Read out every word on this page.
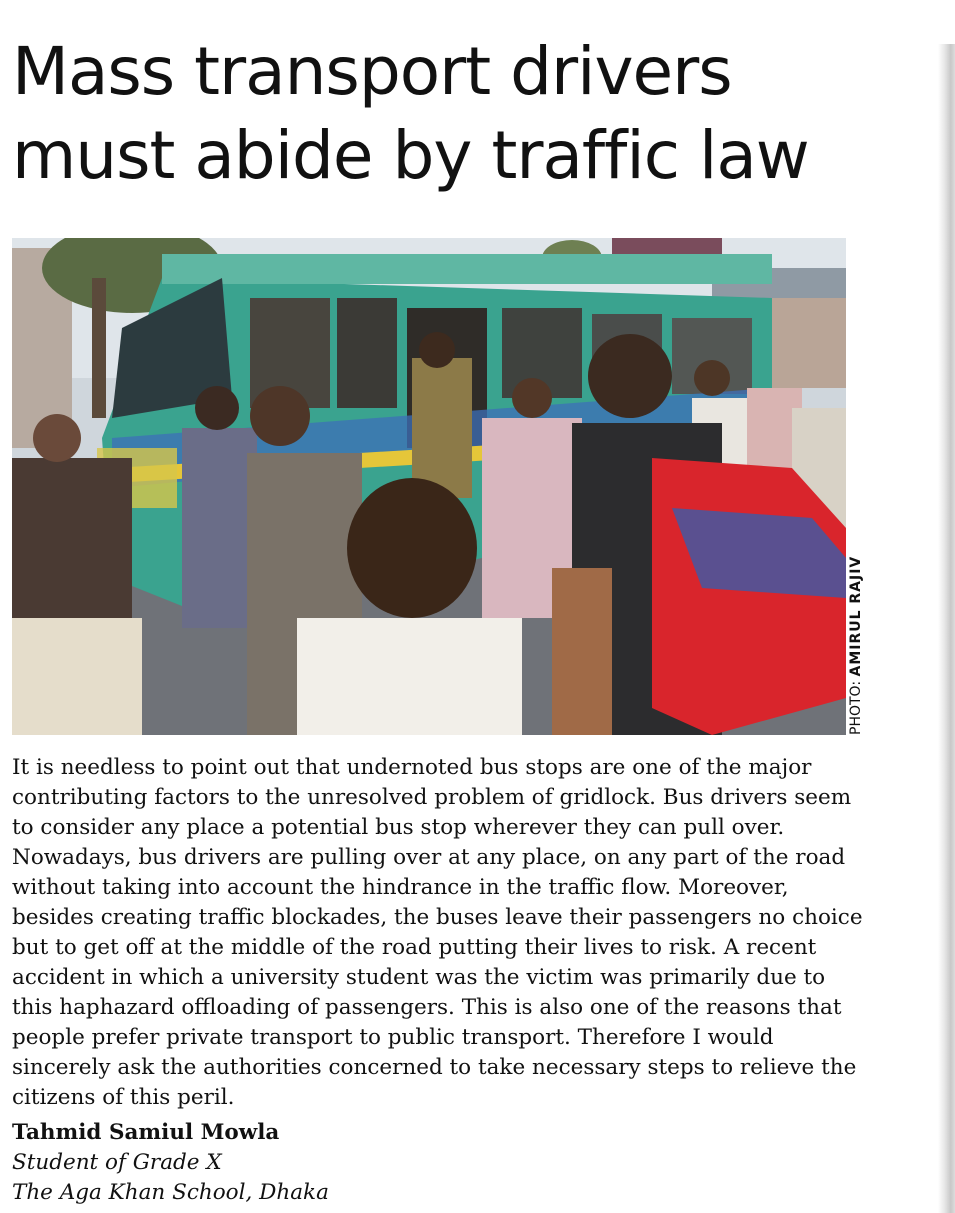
Mass transport drivers
must abide by traffic law
PHOTO: AMIRUL RAJIV

It is needless to point out that undernoted bus stops are one of the major contributing factors to the unresolved problem of gridlock. Bus drivers seem to consider any place a potential bus stop wherever they can pull over. Nowadays, bus drivers are pulling over at any place, on any part of the road without taking into account the hindrance in the traffic flow. Moreover, besides creating traffic blockades, the buses leave their passengers no choice but to get off at the middle of the road putting their lives to risk. A recent accident in which a university student was the victim was primarily due to this haphazard offloading of passengers. This is also one of the reasons that people prefer private transport to public transport. Therefore I would sincerely ask the authorities concerned to take necessary steps to relieve the citizens of this peril.

Tahmid Samiul Mowla
Student of Grade X
The Aga Khan School, Dhaka
